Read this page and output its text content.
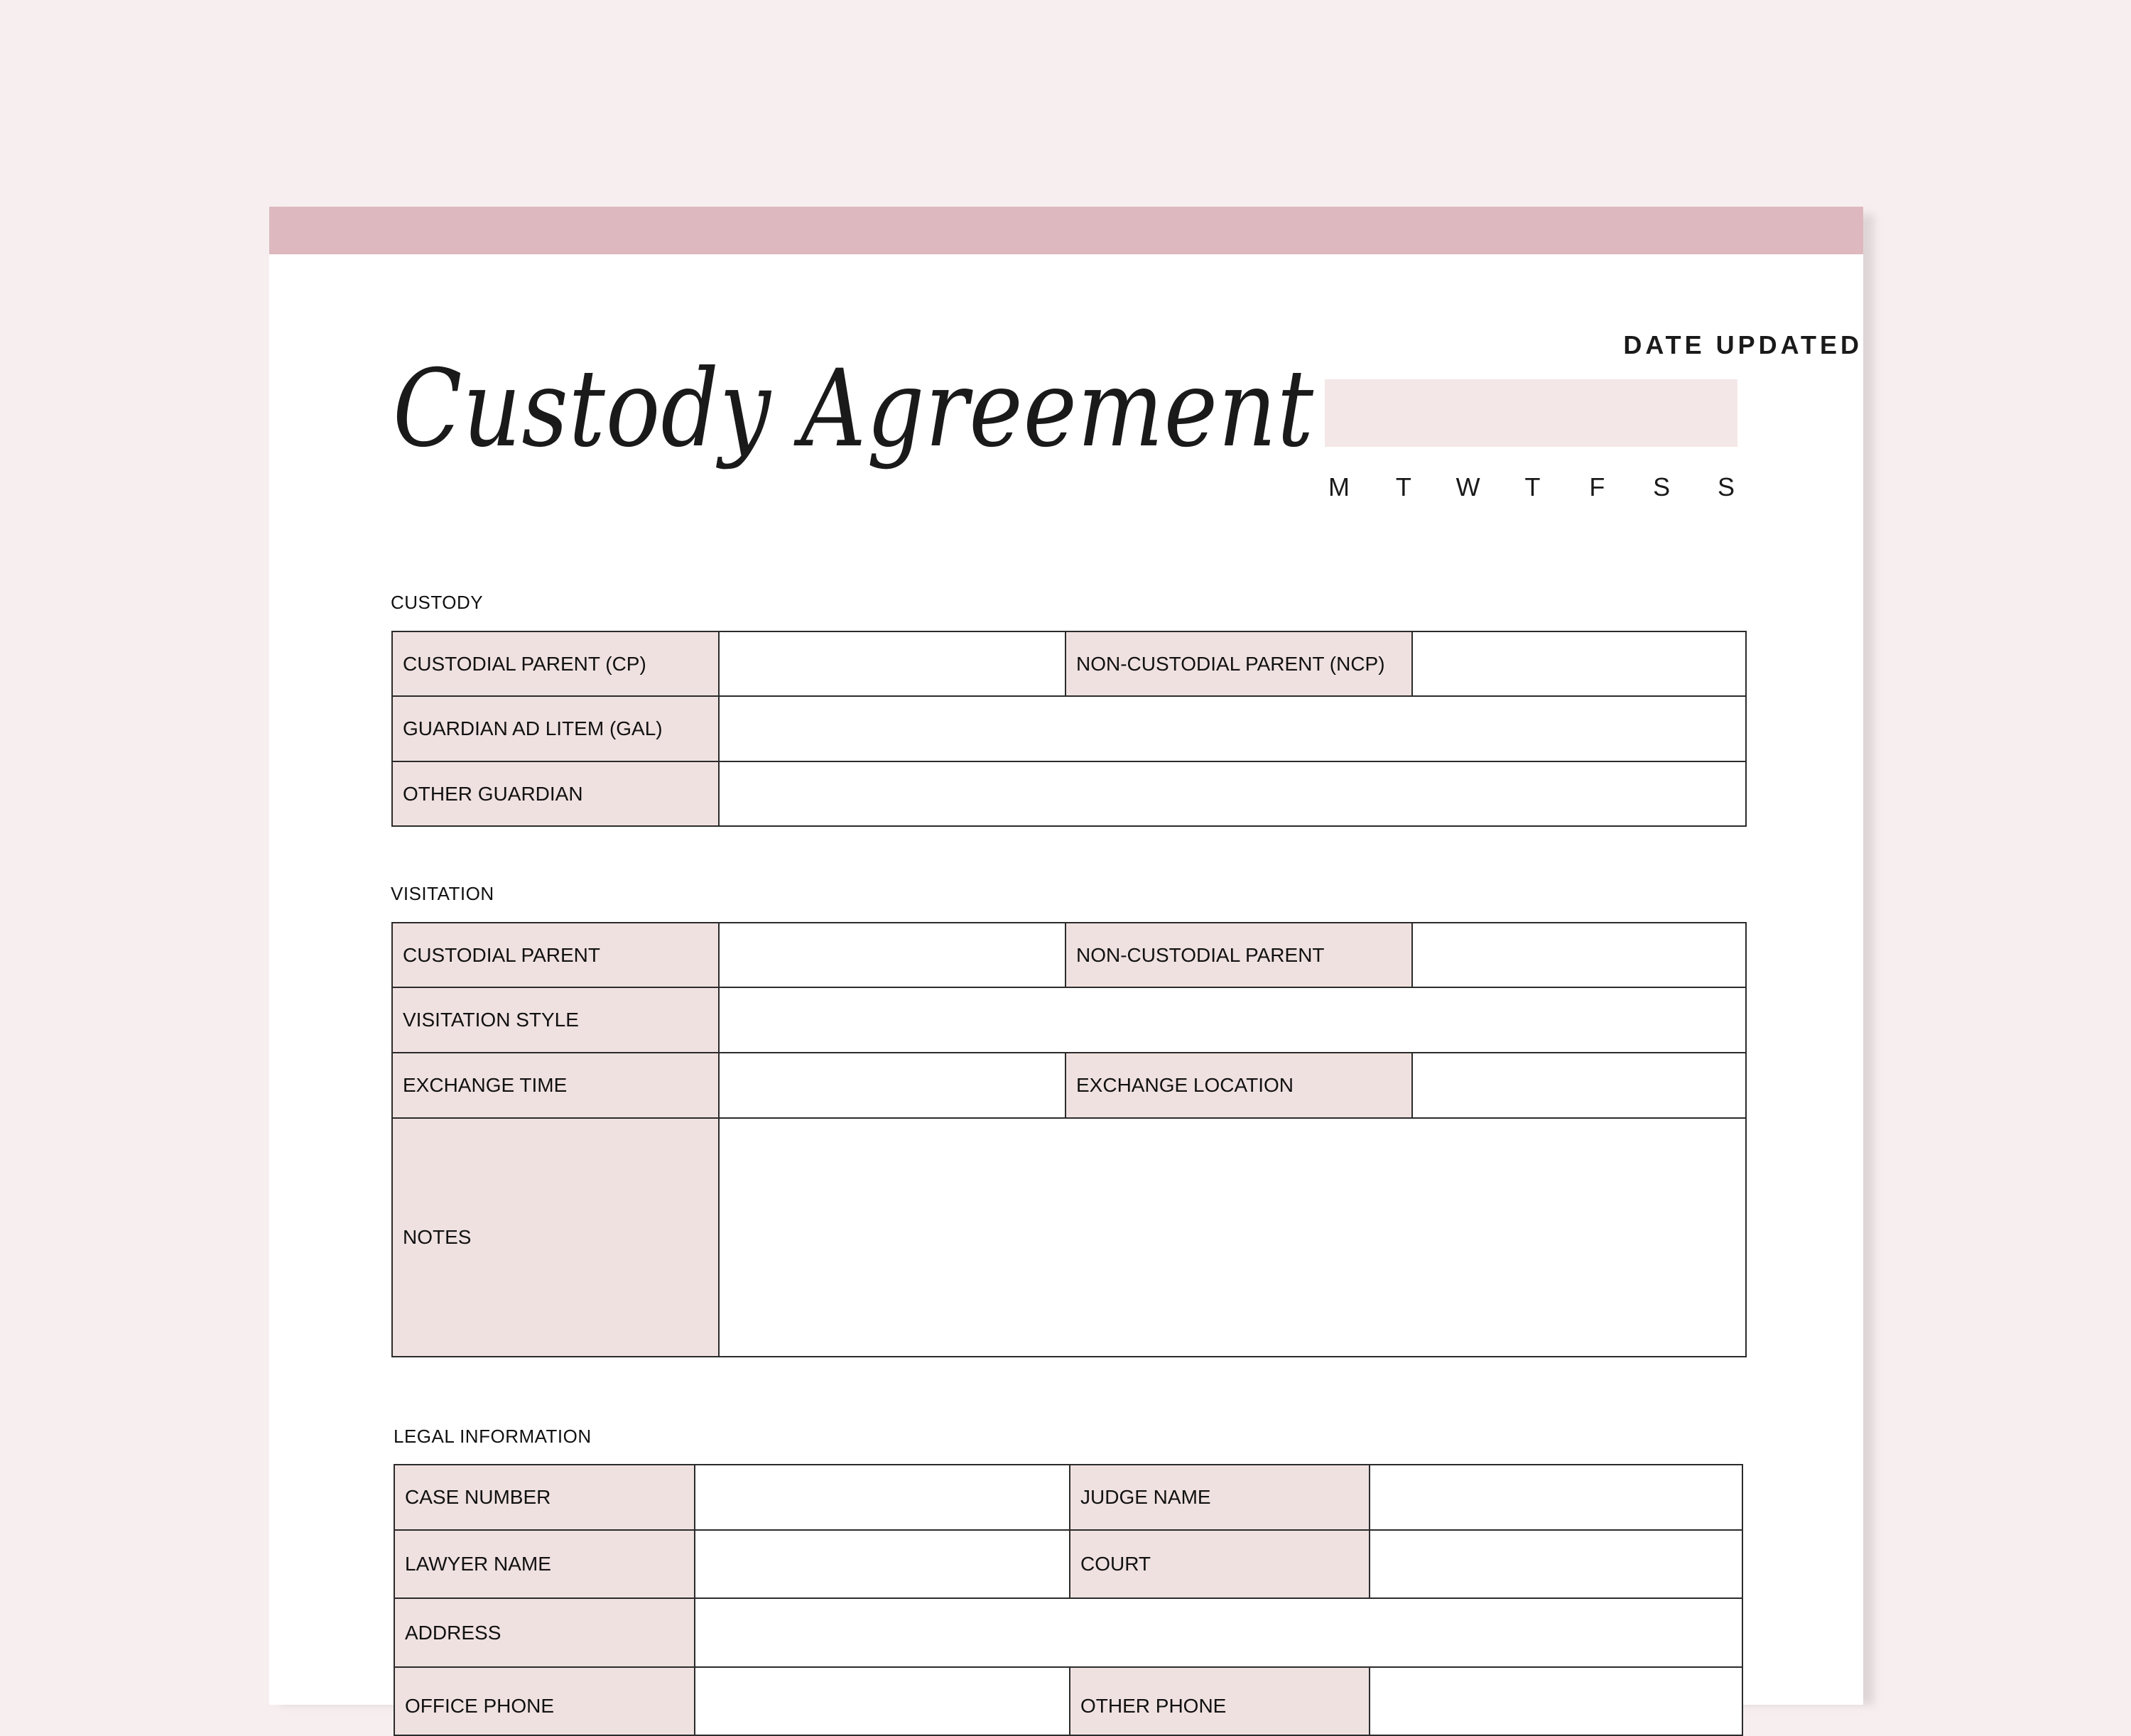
Custody Agreement
DATE UPDATED
M T W T F S S
CUSTODY
CUSTODIAL PARENT (CP)		NON-CUSTODIAL PARENT (NCP)	
GUARDIAN AD LITEM (GAL)			
OTHER GUARDIAN			
VISITATION
CUSTODIAL PARENT		NON-CUSTODIAL PARENT	
VISITATION STYLE			
EXCHANGE TIME		EXCHANGE LOCATION	
NOTES			
LEGAL INFORMATION
CASE NUMBER		JUDGE NAME	
LAWYER NAME		COURT	
ADDRESS			
OFFICE PHONE		OTHER PHONE	
